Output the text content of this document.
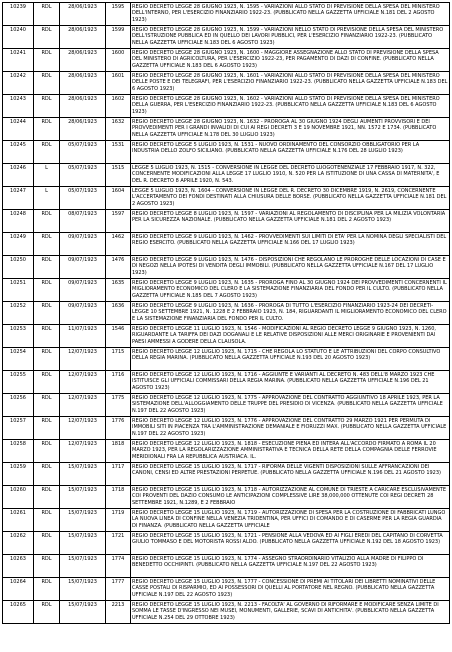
10239	RDL	28/06/1923	1595	REGIO DECRETO LEGGE 28 GIUGNO 1923, N. 1595 - VARIAZIONI ALLO STATO DI PREVISIONE DELLA SPESA DEL MINISTERO DELL'INTERNO, PER L'ESERCIZIO FINANZIARIO 1922-23. (PUBBLICATO NELLA GAZZETTA UFFICIALE N.181 DEL 2 AGOSTO 1923)

10240	RDL	28/06/1923	1599	REGIO DECRETO LEGGE 28 GIUGNO 1923, N. 1599 - VARIAZIONI NELLO STATO DI PREVISIONE DELLA SPESA DEL MINISTERO DELL'ISTRUZIONE PUBBLICA ED IN QUELLO DEI LAVORI PUBBLICI, PER L'ESERCIZIO FINANZIARIO 1922-23. (PUBBLICATO NELLA GAZZETTA UFFICIALE N.183 DEL 6 AGOSTO 1923)

10241	RDL	28/06/1923	1600	REGIO DECRETO LEGGE 28 GIUGNO 1923, N. 1600 - MAGGIORE ASSEGNAZIONE ALLO STATO DI PREVISIONE DELLA SPESA DEL MINISTERO DI AGRICOLTURA, PER L'ESERCIZIO 1922-23, PER PAGAMENTO DI DAZI DI CONFINE. (PUBBLICATO NELLA GAZZETTA UFFICIALE N.183 DEL 6 AGOSTO 1923)

10242	RDL	28/06/1923	1601	REGIO DECRETO LEGGE 28 GIUGNO 1923, N. 1601 - VARIAZIONI ALLO STATO DI PREVISIONE DELLA SPESA DEL MINISTERO DELLE POSTE E DEI TELEGRAFI, PER L'ESERCIZIO FINANZIARIO 1922-23. (PUBBLICATO NELLA GAZZETTA UFFICIALE N.183 DEL 6 AGOSTO 1923)

10243	RDL	28/06/1923	1602	REGIO DECRETO LEGGE 28 GIUGNO 1923, N. 1602 - VARIAZIONI ALLO STATO DI PREVISIONE DELLA SPESA DEL MINISTERO DELLA GUERRA, PER L'ESERCIZIO FINANZIARIO 1922-23. (PUBBLICATO NELLA GAZZETTA UFFICIALE N.183 DEL 6 AGOSTO 1923)

10244	RDL	28/06/1923	1632	REGIO DECRETO LEGGE 28 GIUGNO 1923, N. 1632 - PROROGA AL 30 GIUGNO 1924 DEGLI AUMENTI PROVVISORI E DEI PROVVEDIMENTI PER I GRANDI INVALIDI DI CUI AI REGI DECRETI 3 E 19 NOVEMBRE 1921, NN. 1572 E 1734. (PUBBLICATO NELLA GAZZETTA UFFICIALE N.178 DEL 30 LUGLIO 1923)

10245	RDL	05/07/1923	1531	REGIO DECRETO LEGGE 5 LUGLIO 1923, N. 1531 - NUOVO ORDINAMENTO DEL CONSORZIO OBBLIGATORIO PER LA INDUSTRIA DELLO ZOLFO SICILIANO. (PUBBLICATO NELLA GAZZETTA UFFICIALE N.176 DEL 28 LUGLIO 1923)

10246	L	05/07/1923	1515	LEGGE 5 LUGLIO 1923, N. 1515 - CONVERSIONE IN LEGGE DEL DECRETO LUOGOTENENZIALE 17 FEBBRAIO 1917, N. 322, CONCERNENTE MODIFICAZIONI ALLA LEGGE 17 LUGLIO 1910, N. 520 PER LA ISTITUZIONE DI UNA CASSA DI MATERNITA', E DEL R. DECRETO 8 APRILE 1920, N. 543.

10247	L	05/07/1923	1604	LEGGE 5 LUGLIO 1923, N. 1604 - CONVERSIONE IN LEGGE DEL R. DECRETO 30 DICEMBRE 1919, N. 2619, CONCERNENTE L'ACCERTAMENTO DEI FONDI DESTINATI ALLA CHIUSURA DELLE BORSE. (PUBBLICATO NELLA GAZZETTA UFFICIALE N.181 DEL 2 AGOSTO 1923)

10248	RDL	08/07/1923	1597	REGIO DECRETO LEGGE 8 LUGLIO 1923, N. 1597 - VARIAZIONI AL REGOLAMENTO DI DISCIPLINA PER LA MILIZIA VOLONTARIA PER LA SICUREZZA NAZIONALE. (PUBBLICATO NELLA GAZZETTA UFFICIALE N.181 DEL 2 AGOSTO 1923)

10249	RDL	09/07/1923	1462	REGIO DECRETO LEGGE 9 LUGLIO 1923, N. 1462 - PROVVEDIMENTI SUI LIMITI DI ETA' PER LA NOMINA DEGLI SPECIALISTI DEL REGIO ESERCITO. (PUBBLICATO NELLA GAZZETTA UFFICIALE N.166 DEL 17 LUGLIO 1923)

10250	RDL	09/07/1923	1476	REGIO DECRETO LEGGE 9 LUGLIO 1923, N. 1476 - DISPOSIZIONI CHE REGOLANO LE PROROGHE DELLE LOCAZIONI DI CASE E DI NEGOZI NELLA IPOTESI DI VENDITA DEGLI IMMOBILI. (PUBBLICATO NELLA GAZZETTA UFFICIALE N.167 DEL 17 LUGLIO 1923)

10251	RDL	09/07/1923	1635	REGIO DECRETO LEGGE 9 LUGLIO 1923, N. 1635 - PROROGA FINO AL 30 GIUGNO 1924 DEI PROVVEDIMENTI CONCERNENTI IL MIGLIORAMENTO ECONOMICO DEL CLERO E LA SISTEMAZIONE FINANZIARIA DEL FONDO PER IL CULTO. (PUBBLICATO NELLA GAZZETTA UFFICIALE N.185 DEL 7 AGOSTO 1923)

10252	RDL	09/07/1923	1636	REGIO DECRETO LEGGE 9 LUGLIO 1923, N. 1636 - PROROGA DI TUTTO L'ESERCIZIO FINANZIARIO 1923-24 DEI DECRETI-LEGGE 10 SETTEMBRE 1921, N. 1228 E 2 FEBBRAIO 1923, N. 184, RIGUARDANTI IL MIGLIORAMENTO ECONOMICO DEL CLERO E LA SISTEMAZIONE FINANZIARIA DEL FONDO PER IL CULTO.

10253	RDL	11/07/1923	1546	REGIO DECRETO LEGGE 11 LUGLIO 1923, N. 1546 - MODIFICAZIONI AL REGIO DECRETO LEGGE 9 GIUGNO 1923, N. 1260, RIGUARDANTE LA TARIFFA DEI DAZI DOGANALI E LE RELATIVE DISPOSIZIONI ALLE MERCI ORIGINARIE E PROVENIENTI DAI PAESI AMMESSI A GODERE DELLA CLAUSOLA.

10254	RDL	12/07/1923	1715	REGIO DECRETO LEGGE 12 LUGLIO 1923, N. 1715 - CHE REGOLA LO STATUTO E LE ATTRIBUZIONI DEL CORPO CONSULTIVO DELLA REGIA MARINA. (PUBBLICATO NELLA GAZZETTA UFFICIALE N.193 DEL 20 AGOSTO 1923)

10255	RDL	12/07/1923	1716	REGIO DECRETO LEGGE 12 LUGLIO 1923, N. 1716 - AGGIUNTE E VARIANTI AL DECRETO N. 483 DELL'8 MARZO 1923 CHE ISTITUISCE GLI UFFICIALI COMMISSARI DELLA REGIA MARINA. (PUBBLICATO NELLA GAZZETTA UFFICIALE N.196 DEL 21 AGOSTO 1923)

10256	RDL	12/07/1923	1775	REGIO DECRETO LEGGE 12 LUGLIO 1923, N. 1775 - APPROVAZIONE DEL CONTRATTO AGGIUNTIVO 18 APRILE 1923, PER LA SISTEMAZIONE DELL'ALLOGGIAMENTO DELLE TRUPPE DEL PRESIDIO DI VICENZA. (PUBBLICATO NELLA GAZZETTA UFFICIALE N.197 DEL 22 AGOSTO 1923)

10257	RDL	12/07/1923	1776	REGIO DECRETO LEGGE 12 LUGLIO 1923, N. 1776 - APPROVAZIONE DEL CONTRATTO 29 MARZO 1921 PER PERMUTA DI IMMOBILI SITI IN PIACENZA TRA L'AMMINISTRAZIONE DEMANIALE E FIORUZZI MAX. (PUBBLICATO NELLA GAZZETTA UFFICIALE N.197 DEL 22 AGOSTO 1923)

10258	RDL	12/07/1923	1818	REGIO DECRETO LEGGE 12 LUGLIO 1923, N. 1818 - ESECUZIONE PIENA ED INTERA ALL'ACCORDO FIRMATO A ROMA IL 20 MARZO 1923, PER LA REGOLARIZZAZIONE AMMINISTRATIVA E TECNICA DELLA RETE DELLA COMPAGNIA DELLE FERROVIE MERIDIONALI FRA LA REPUBBLICA AUSTRIACA. IL.

10259	RDL	15/07/1923	1717	REGIO DECRETO LEGGE 15 LUGLIO 1923, N. 1717 - RIFORMA DELLE VIGENTI DISPOSIZIONI SULLE AFFRANCAZIONI DEI CANONI, CENSI ED ALTRE PRESTAZIONI PERPETUE. (PUBBLICATO NELLA GAZZETTA UFFICIALE N.196 DEL 21 AGOSTO 1923)

10260	RDL	15/07/1923	1718	REGIO DECRETO LEGGE 15 LUGLIO 1923, N. 1718 - AUTORIZZAZIONE AL COMUNE DI TRIESTE A CARICARE ESCLUSIVAMENTE COI PROVENTI DEL DAZIO CONSUMO LE ANTICIPAZIONI COMPLESSIVE LIRE 38,000,000 OTTENUTE COI REGI DECRETI 28 SETTEMBRE 1921, N.1289, E 2 FEBBRAIO

10261	RDL	15/07/1923	1719	REGIO DECRETO LEGGE 15 LUGLIO 1923, N. 1719 - AUTORIZZAZIONE DI SPESA PER LA COSTRUZIONE DI FABBRICATI LUNGO LA NUOVA LINEA DI CONFINE NELLA VENEZIA TRIDENTINA, PER UFFICI DI COMANDO E DI CASERME PER LA REGIA GUARDIA DI FINANZA. (PUBBLICATO NELLA GAZZETTA UFFICIALE

10262	RDL	15/07/1923	1721	REGIO DECRETO LEGGE 15 LUGLIO 1923, N. 1721 - PENSIONE ALLA VEDOVA ED AI FIGLI EREDI DEL CAPITANO DI CORVETTA GIULIO TOMMASO E DEL MOTORISTA ROSSI ALDO. (PUBBLICATO NELLA GAZZETTA UFFICIALE N.192 DEL 18 AGOSTO 1923)

10263	RDL	15/07/1923	1774	REGIO DECRETO LEGGE 15 LUGLIO 1923, N. 1774 - ASSEGNO STRAORDINARIO VITALIZIO ALLA MADRE DI FILIPPO DI BENEDETTO OCCHIPINTI. (PUBBLICATO NELLA GAZZETTA UFFICIALE N.197 DEL 22 AGOSTO 1923)

10264	RDL	15/07/1923	1777	REGIO DECRETO LEGGE 15 LUGLIO 1923, N. 1777 - CONCESSIONE DI PREMI AI TITOLARI DEI LIBRETTI NOMINATIVI DELLE CASSE POSTALI DI RISPARMIO, ED AI POSSESSORI DI QUELLI AL PORTATORE NEL REGNO. (PUBBLICATO NELLA GAZZETTA UFFICIALE N.197 DEL 22 AGOSTO 1923)

10265	RDL	15/07/1923	2213	REGIO DECRETO LEGGE 15 LUGLIO 1923, N. 2213 - FACOLTA' AL GOVERNO DI RIFORMARE E MODIFICARE SENZA LIMITE DI SOMMA LE TASSE D'INGRESSO NEI MUSEI, MONUMENTI, GALLERIE, SCAVI DI ANTICHITA'. (PUBBLICATO NELLA GAZZETTA UFFICIALE N.254 DEL 29 OTTOBRE 1923)
